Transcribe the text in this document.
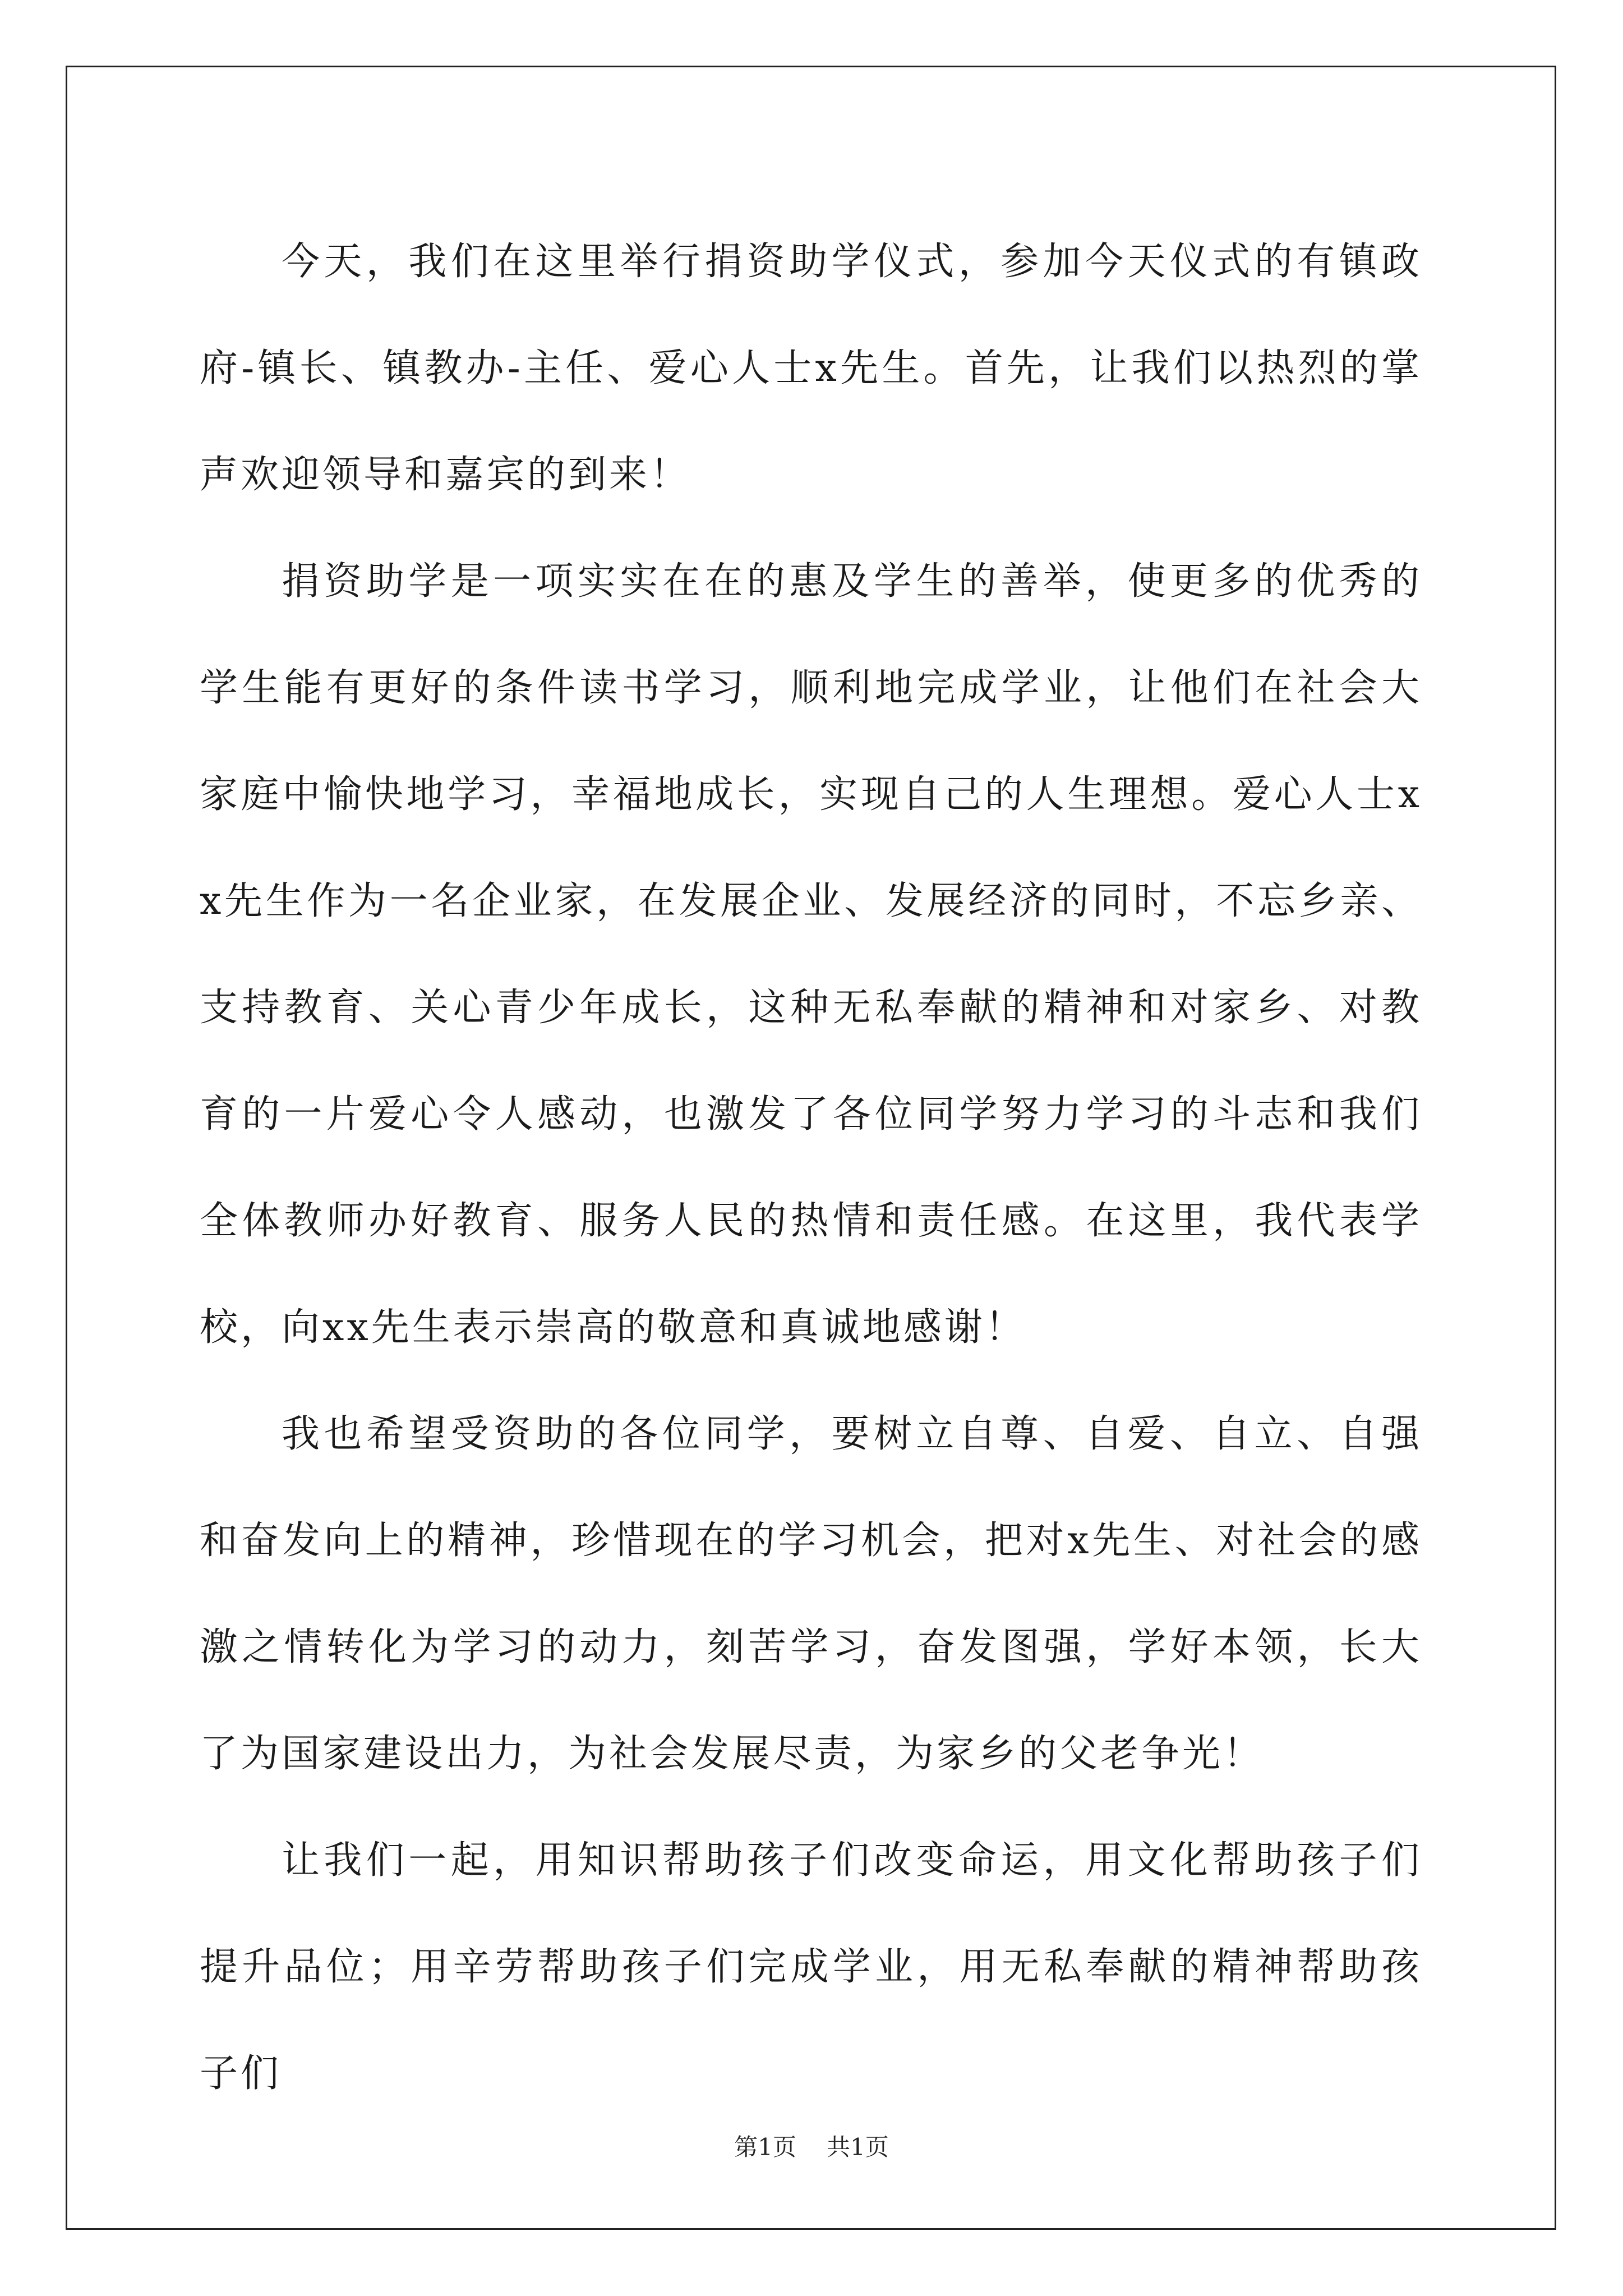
今天，我们在这里举行捐资助学仪式，参加今天仪式的有镇政府-镇长、镇教办-主任、爱心人士x先生。首先，让我们以热烈的掌声欢迎领导和嘉宾的到来！

捐资助学是一项实实在在的惠及学生的善举，使更多的优秀的学生能有更好的条件读书学习，顺利地完成学业，让他们在社会大家庭中愉快地学习，幸福地成长，实现自己的人生理想。爱心人士xx先生作为一名企业家，在发展企业、发展经济的同时，不忘乡亲、支持教育、关心青少年成长，这种无私奉献的精神和对家乡、对教育的一片爱心令人感动，也激发了各位同学努力学习的斗志和我们全体教师办好教育、服务人民的热情和责任感。在这里，我代表学校，向xx先生表示崇高的敬意和真诚地感谢！

我也希望受资助的各位同学，要树立自尊、自爱、自立、自强和奋发向上的精神，珍惜现在的学习机会，把对x先生、对社会的感激之情转化为学习的动力，刻苦学习，奋发图强，学好本领，长大了为国家建设出力，为社会发展尽责，为家乡的父老争光！

让我们一起，用知识帮助孩子们改变命运，用文化帮助孩子们提升品位；用辛劳帮助孩子们完成学业，用无私奉献的精神帮助孩子们

第1页 共1页
